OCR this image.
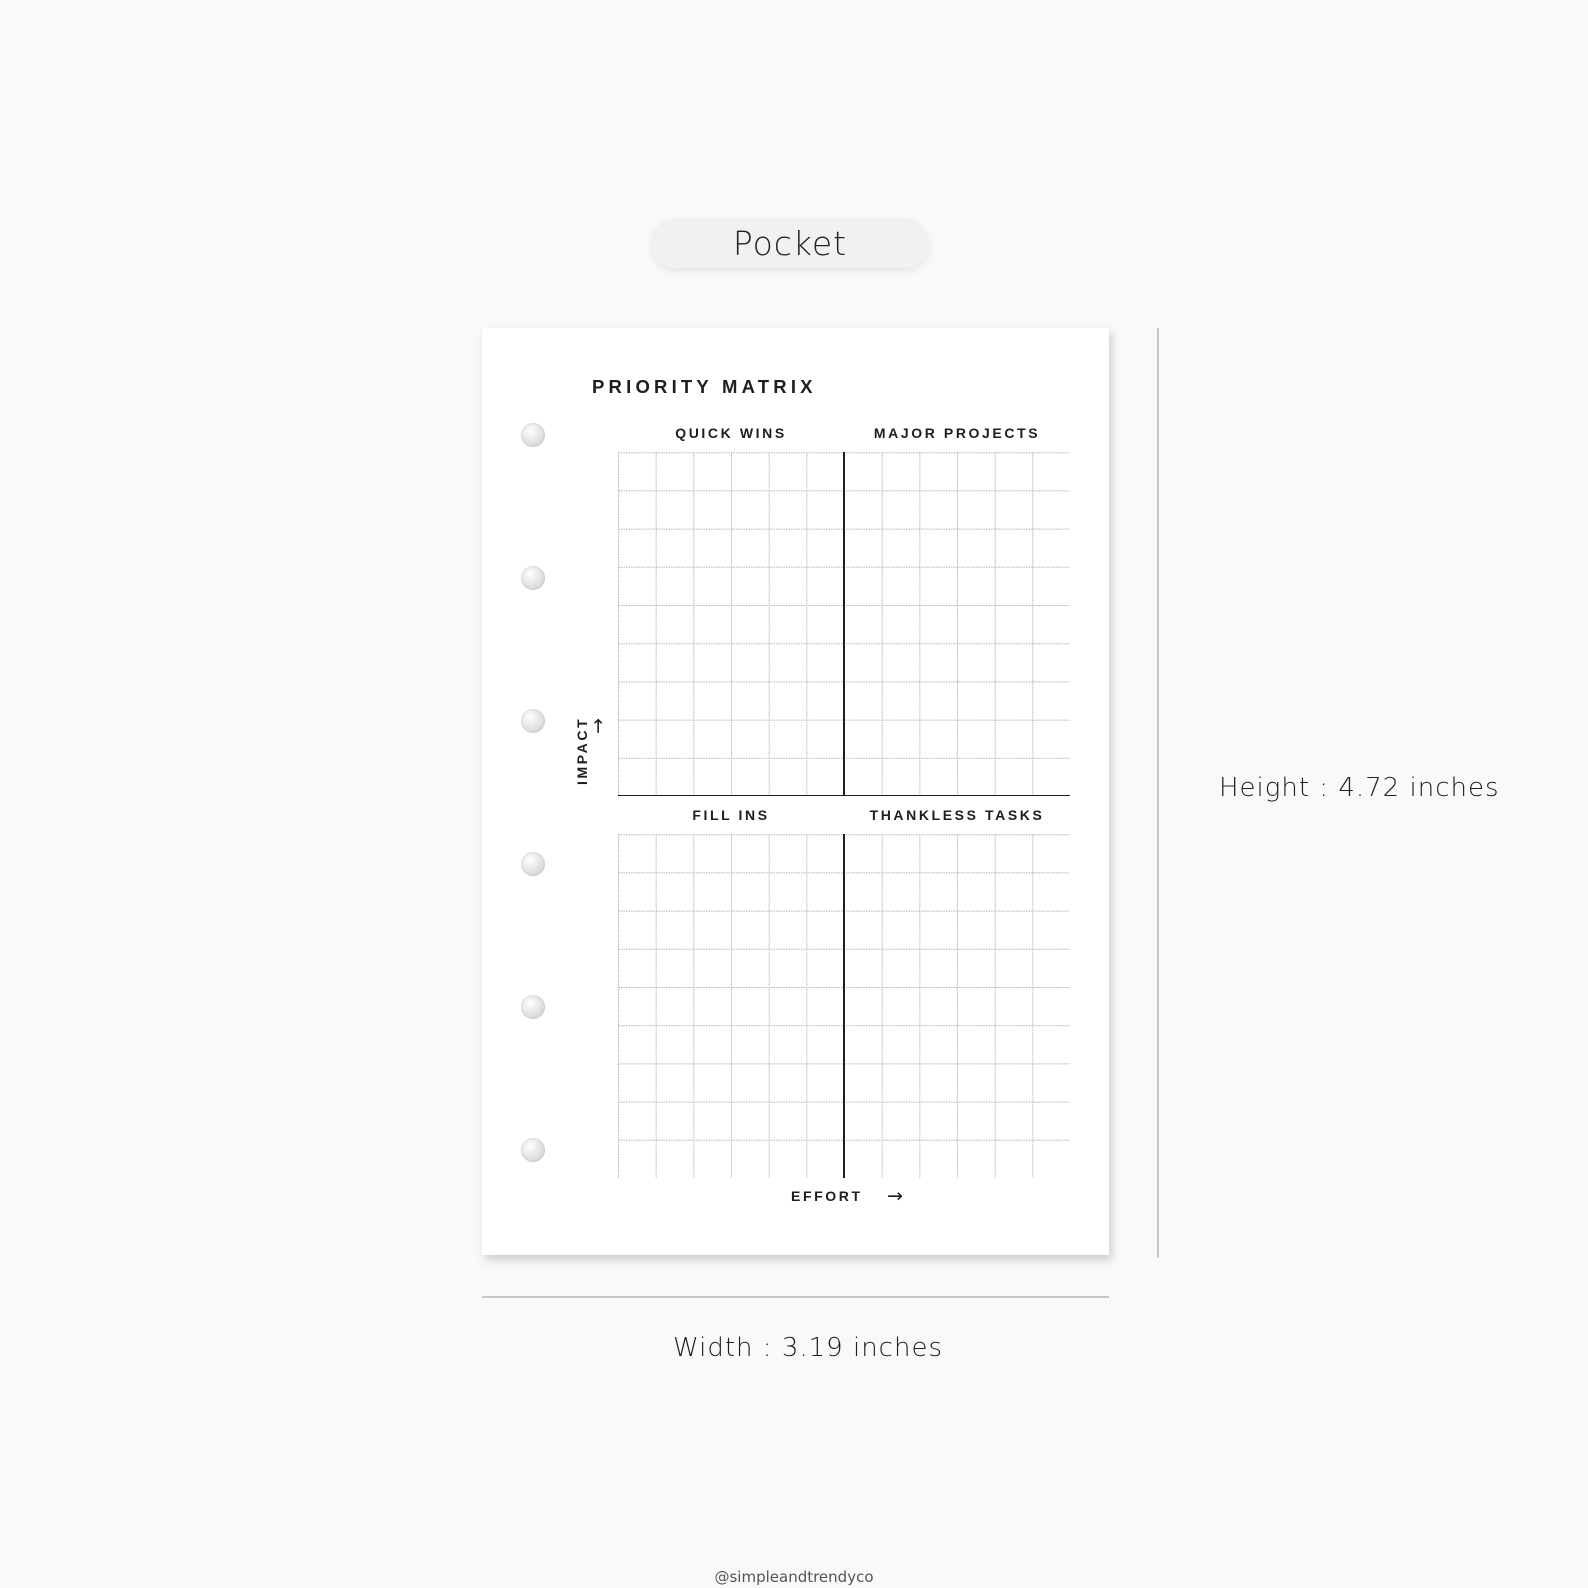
Pocket
PRIORITY MATRIX
QUICK WINS	MAJOR PROJECTS
FILL INS	THANKLESS TASKS
→
IMPACT
EFFORT →
Height : 4.72 inches
Width : 3.19 inches
@simpleandtrendyco
